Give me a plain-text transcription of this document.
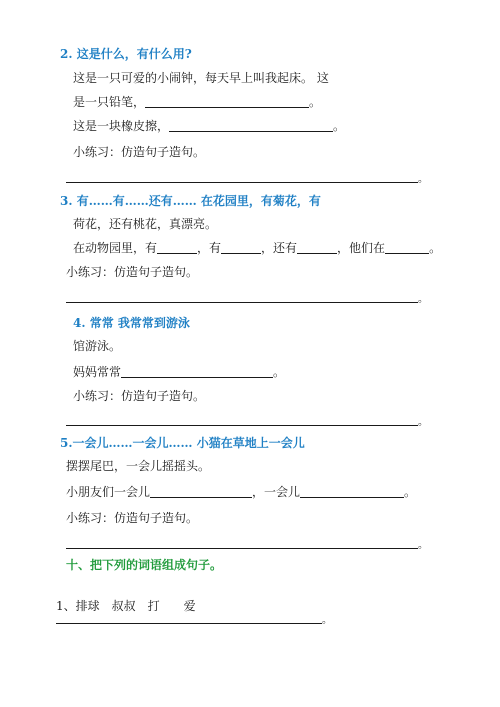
2. 这是什么，有什么用?
这是一只可爱的小闹钟，每天早上叫我起床。 这
是一只铅笔，	。
这是一块橡皮擦，	。
小练习：仿造句子造句。
。
3. 有……有……还有…… 在花园里，有菊花，有
荷花，还有桃花，真漂亮。
在动物园里，有	，有	，还有	，他们在	。
小练习：仿造句子造句。
。
4. 常常 我常常到游泳
馆游泳。
妈妈常常	。
小练习：仿造句子造句。
。
5.一会儿……一会儿…… 小猫在草地上一会儿
摆摆尾巴，一会儿摇摇头。
小朋友们一会儿	，一会儿	。
小练习：仿造句子造句。
。
十、把下列的词语组成句子。
1、排球　叔叔　打　　爱
。
